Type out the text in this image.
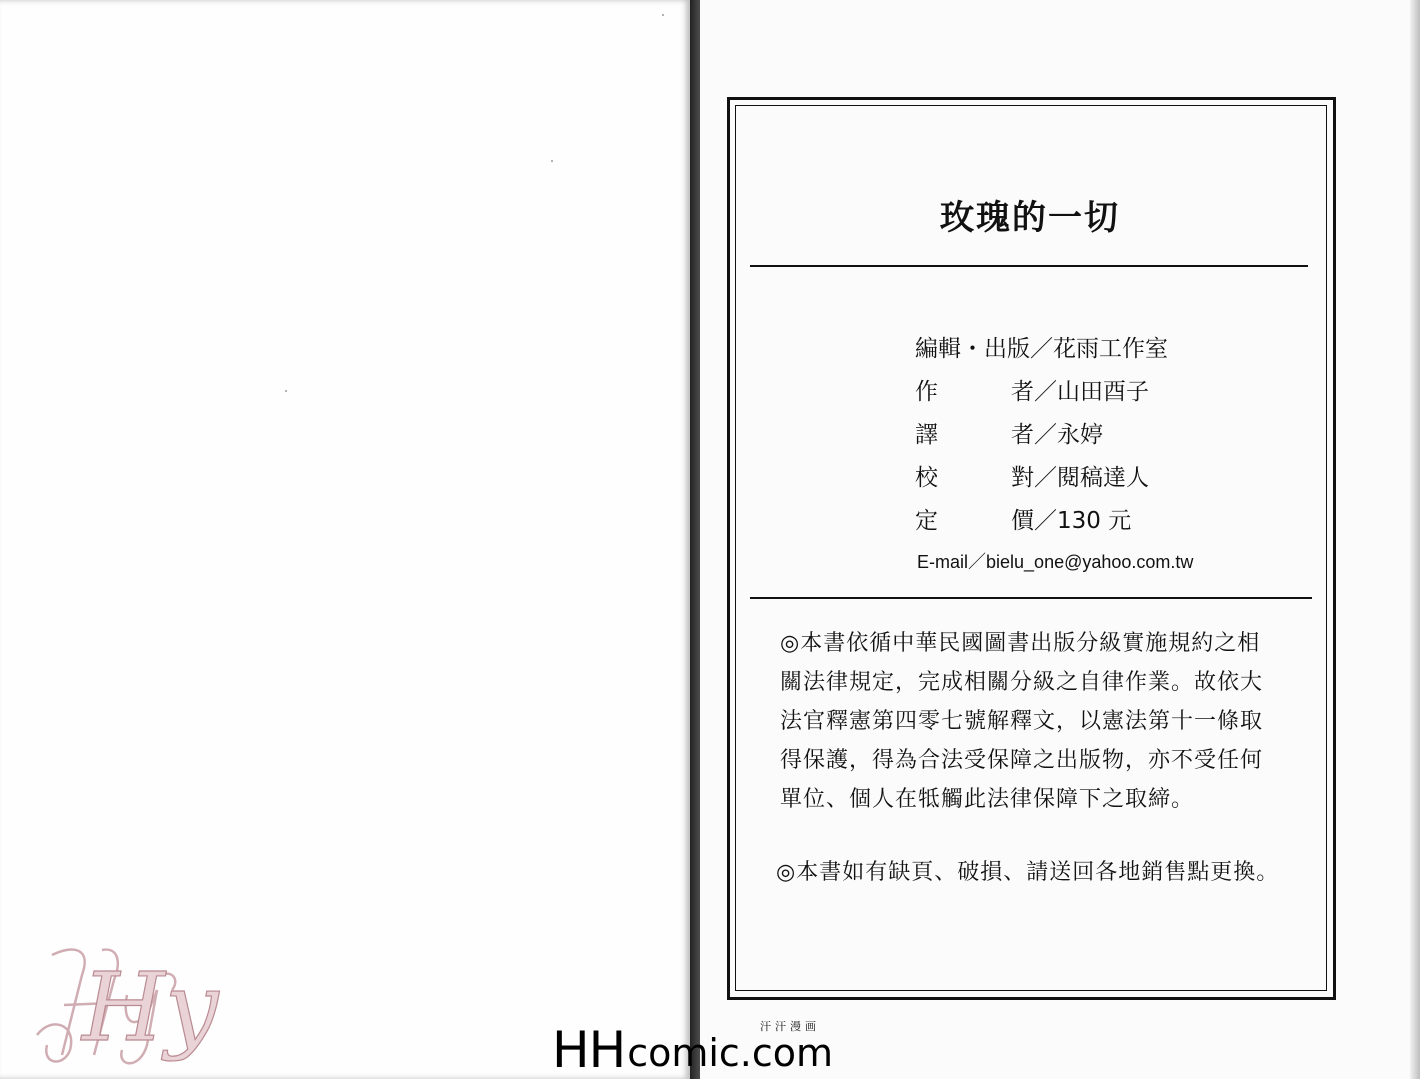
玫瑰的一切
編輯・出版 ／ 花雨工作室
作	者 ／ 山田酉子
譯	者 ／ 永婷
校	對 ／ 閱稿達人
定	價 ／ 130 元
E-mail／bielu_one@yahoo.com.tw
◎本書依循中華民國圖書出版分級實施規約之相
關法律規定，完成相關分級之自律作業。故依大
法官釋憲第四零七號解釋文，以憲法第十一條取
得保護，得為合法受保障之出版物，亦不受任何
單位、個人在牴觸此法律保障下之取締。
◎本書如有缺頁、破損、請送回各地銷售點更換。
Hy	HH comic.com
汗汗漫画
